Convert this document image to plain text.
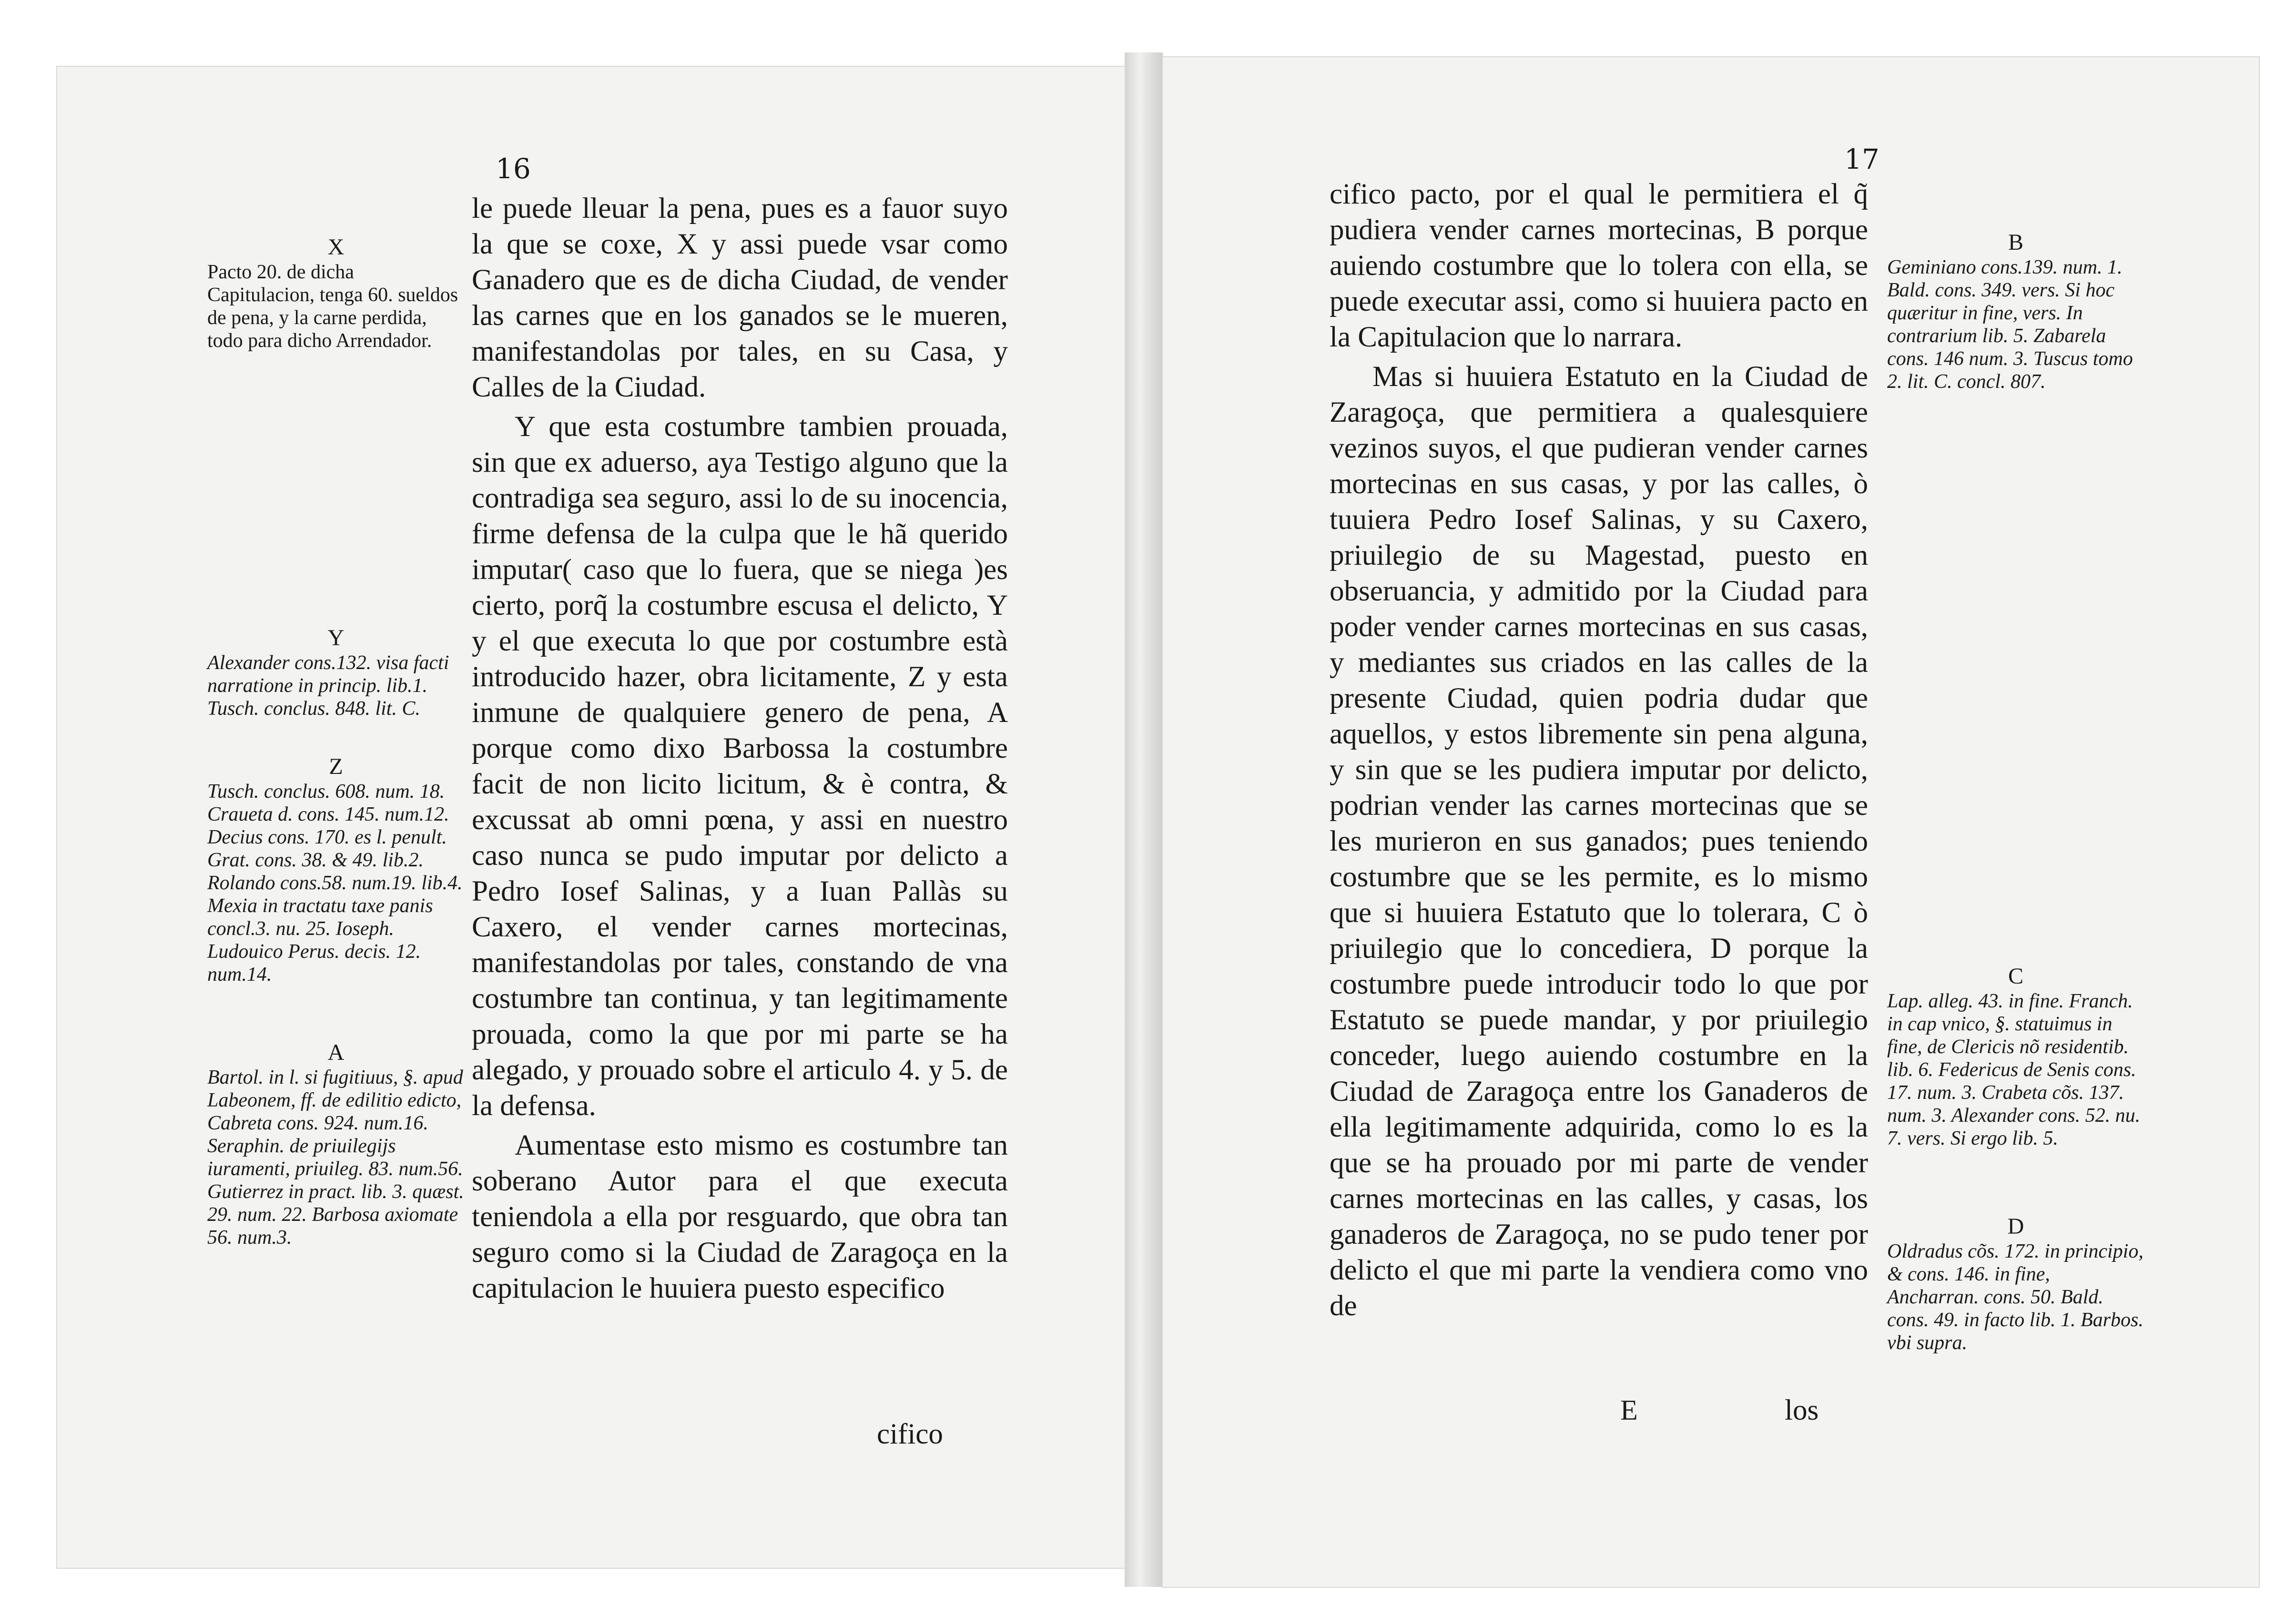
16

le puede lleuar la pena, pues es a fauor suyo la que se coxe, X y assi puede vsar como Ganadero que es de dicha Ciudad, de vender las carnes que en los ganados se le mueren, manifestandolas por tales, en su Casa, y Calles de la Ciudad.

Y que esta costumbre tambien prouada, sin que ex aduerso, aya Testigo alguno que la contradiga sea seguro, assi lo de su inocencia, firme defensa de la culpa que le hã querido imputar( caso que lo fuera, que se niega )es cierto, porq̃ la costumbre escusa el delicto, Y y el que executa lo que por costumbre està introducido hazer, obra licitamente, Z y esta inmune de qualquiere genero de pena, A porque como dixo Barbossa la costumbre facit de non licito licitum, & è contra, & excussat ab omni pœna, y assi en nuestro caso nunca se pudo imputar por delicto a Pedro Iosef Salinas, y a Iuan Pallàs su Caxero, el vender carnes mortecinas, manifestandolas por tales, constando de vna costumbre tan continua, y tan legitimamente prouada, como la que por mi parte se ha alegado, y prouado sobre el articulo 4. y 5. de la defensa.

Aumentase esto mismo es costumbre tan soberano Autor para el que executa teniendola a ella por resguardo, que obra tan seguro como si la Ciudad de Zaragoça en la capitulacion le huuiera puesto especifico

cifico
X
Pacto 20. de dicha Capitulacion, tenga 60. sueldos de pena, y la carne perdida, todo para dicho Arrendador.
Y
Alexander cons.132. visa facti narratione in princip. lib.1. Tusch. conclus. 848. lit. C.
Z
Tusch. conclus. 608. num. 18. Craueta d. cons. 145. num.12. Decius cons. 170. es l. penult. Grat. cons. 38. & 49. lib.2. Rolando cons.58. num.19. lib.4. Mexia in tractatu taxe panis concl.3. nu. 25. Ioseph. Ludouico Perus. decis. 12. num.14.
A
Bartol. in l. si fugitiuus, §. apud Labeonem, ff. de edilitio edicto, Cabreta cons. 924. num.16. Seraphin. de priuilegijs iuramenti, priuileg. 83. num.56. Gutierrez in pract. lib. 3. quæst. 29. num. 22. Barbosa axiomate 56. num.3.
17

cifico pacto, por el qual le permitiera el q̃ pudiera vender carnes mortecinas, B porque auiendo costumbre que lo tolera con ella, se puede executar assi, como si huuiera pacto en la Capitulacion que lo narrara.

Mas si huuiera Estatuto en la Ciudad de Zaragoça, que permitiera a qualesquiere vezinos suyos, el que pudieran vender carnes mortecinas en sus casas, y por las calles, ò tuuiera Pedro Iosef Salinas, y su Caxero, priuilegio de su Magestad, puesto en obseruancia, y admitido por la Ciudad para poder vender carnes mortecinas en sus casas, y mediantes sus criados en las calles de la presente Ciudad, quien podria dudar que aquellos, y estos libremente sin pena alguna, y sin que se les pudiera imputar por delicto, podrian vender las carnes mortecinas que se les murieron en sus ganados; pues teniendo costumbre que se les permite, es lo mismo que si huuiera Estatuto que lo tolerara, C ò priuilegio que lo concediera, D porque la costumbre puede introducir todo lo que por Estatuto se puede mandar, y por priuilegio conceder, luego auiendo costumbre en la Ciudad de Zaragoça entre los Ganaderos de ella legitimamente adquirida, como lo es la que se ha prouado por mi parte de vender carnes mortecinas en las calles, y casas, los ganaderos de Zaragoça, no se pudo tener por delicto el que mi parte la vendiera como vno de

E	los
B
Geminiano cons.139. num. 1. Bald. cons. 349. vers. Si hoc quæritur in fine, vers. In contrarium lib. 5. Zabarela cons. 146 num. 3. Tuscus tomo 2. lit. C. concl. 807.
C
Lap. alleg. 43. in fine. Franch. in cap vnico, §. statuimus in fine, de Clericis nõ residentib. lib. 6. Federicus de Senis cons. 17. num. 3. Crabeta cõs. 137. num. 3. Alexander cons. 52. nu. 7. vers. Si ergo lib. 5.
D
Oldradus cõs. 172. in principio, & cons. 146. in fine, Ancharran. cons. 50. Bald. cons. 49. in facto lib. 1. Barbos. vbi supra.
